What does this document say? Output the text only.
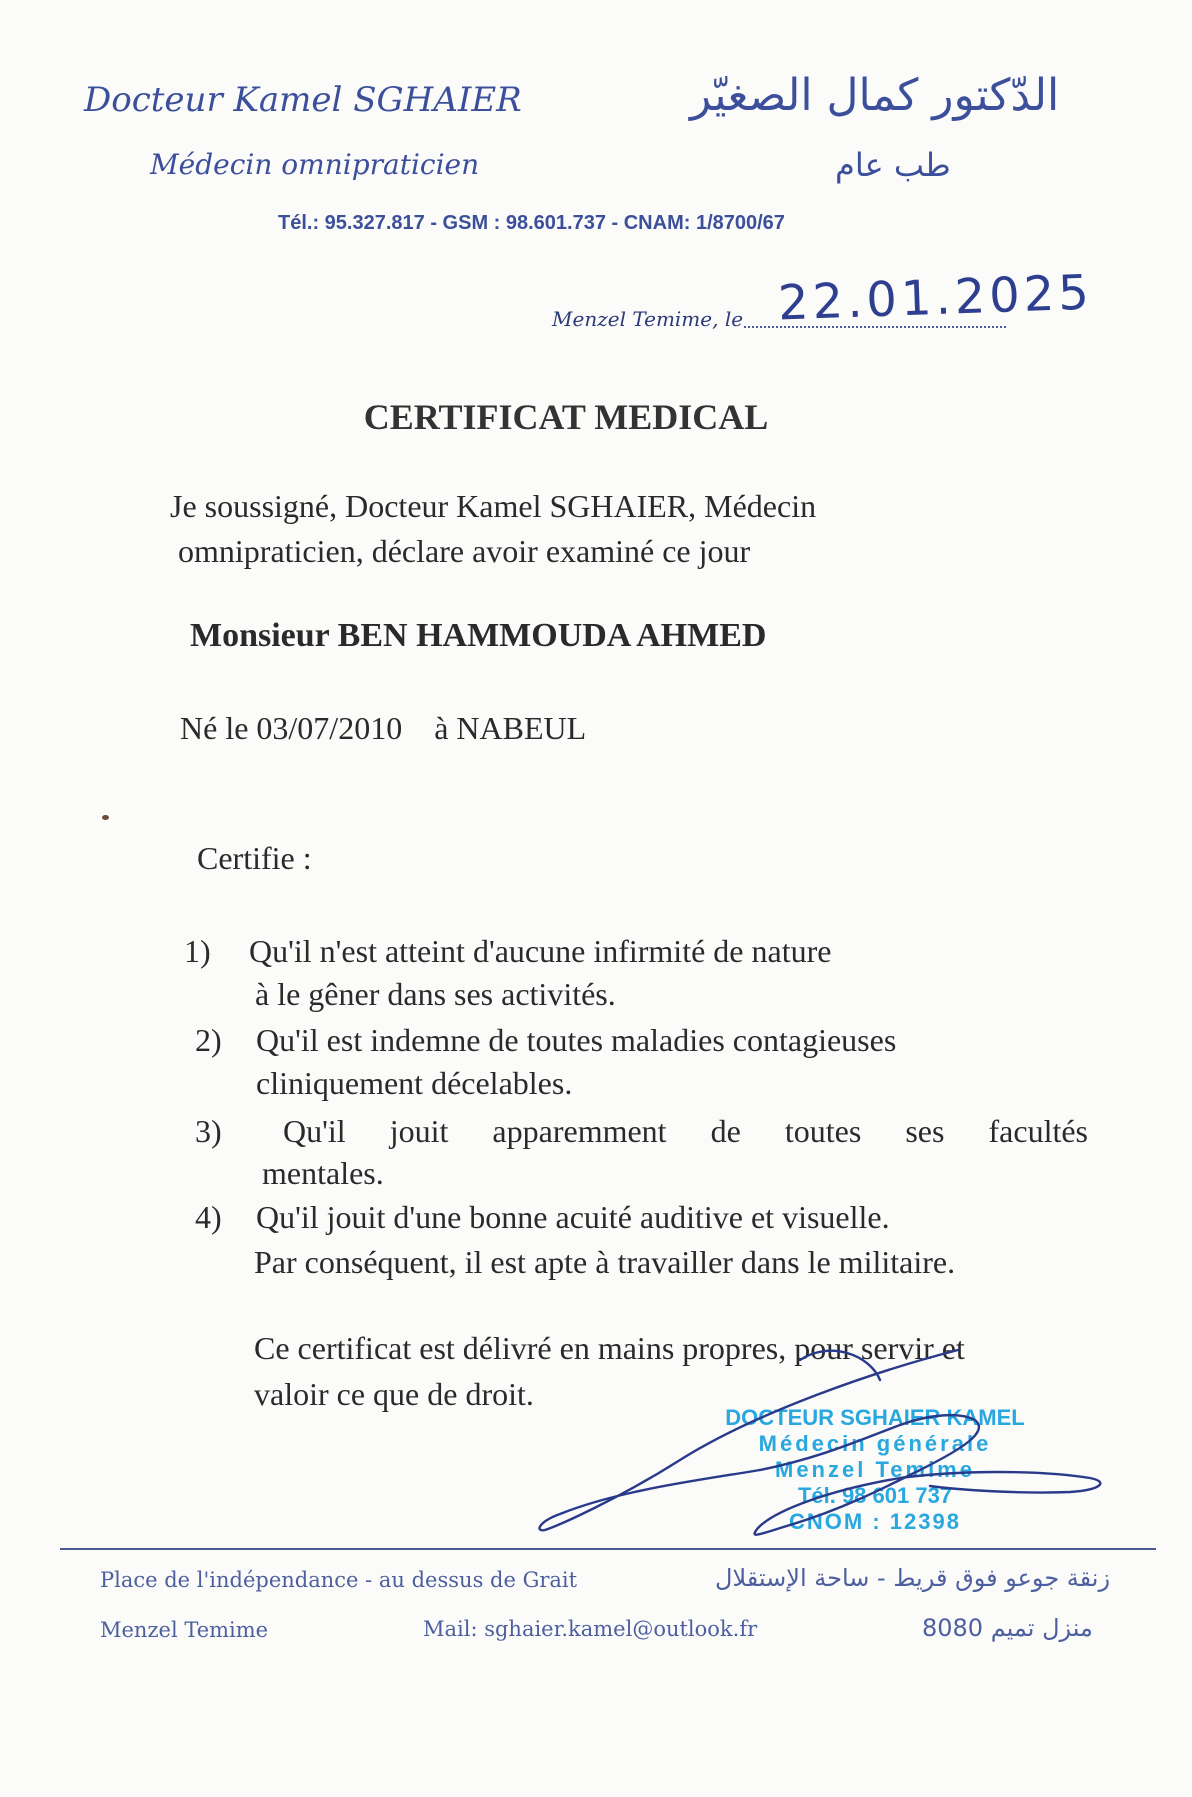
Docteur Kamel SGHAIER
Médecin omnipraticien
الدّكتور كمال الصغيّر
طب عام
Tél.: 95.327.817 - GSM : 98.601.737 - CNAM: 1/8700/67
Menzel Temime, le 22.01.2025
CERTIFICAT MEDICAL
Je soussigné, Docteur Kamel SGHAIER, Médecin
omnipraticien, déclare avoir examiné ce jour
Monsieur BEN HAMMOUDA AHMED
Né le 03/07/2010 à NABEUL
Certifie :
1) Qu'il n'est atteint d'aucune infirmité de nature
à le gêner dans ses activités.
2) Qu'il est indemne de toutes maladies contagieuses
cliniquement décelables.
3) Qu'il jouit apparemment de toutes ses facultés
mentales.
4) Qu'il jouit d'une bonne acuité auditive et visuelle.
Par conséquent, il est apte à travailler dans le militaire.
Ce certificat est délivré en mains propres, pour servir et
valoir ce que de droit.
DOCTEUR SGHAIER KAMEL
Médecin générale
Menzel Temime
Tél. 98 601 737
CNOM : 12398
Place de l'indépendance - au dessus de Grait
Menzel Temime	Mail: sghaier.kamel@outlook.fr
زنقة جوعو فوق قريط - ساحة الإستقلال
منزل تميم 8080
